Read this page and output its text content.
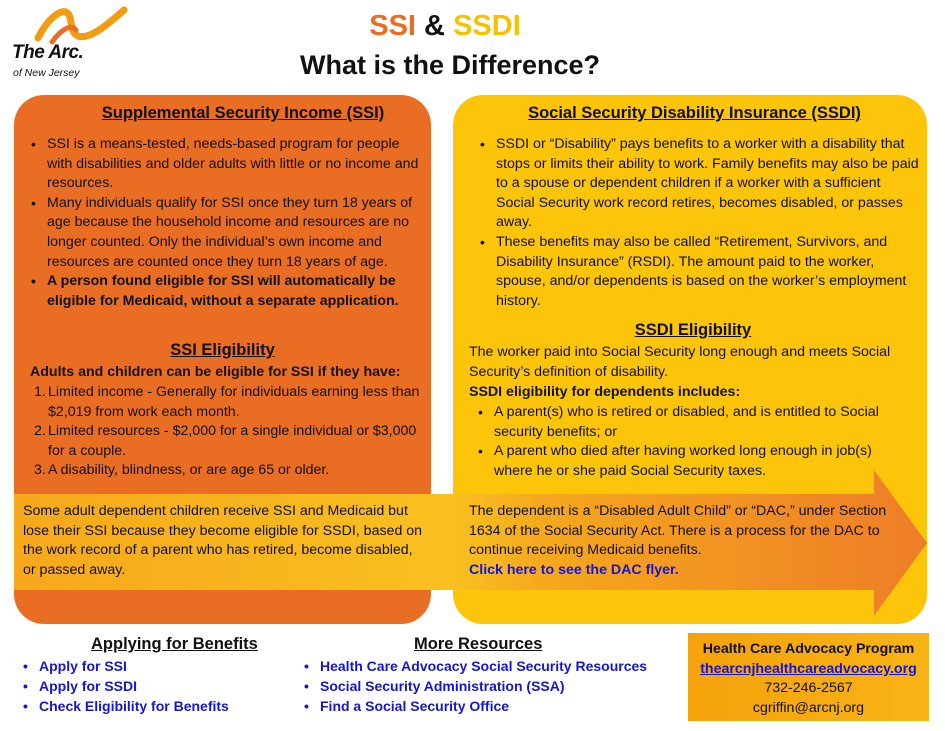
The Arc.
of New Jersey
SSI & SSDI
What is the Difference?
Supplemental Security Income (SSI)
• SSI is a means-tested, needs-based program for people with disabilities and older adults with little or no income and resources.
• Many individuals qualify for SSI once they turn 18 years of age because the household income and resources are no longer counted. Only the individual’s own income and resources are counted once they turn 18 years of age.
• A person found eligible for SSI will automatically be eligible for Medicaid, without a separate application.
SSI Eligibility
Adults and children can be eligible for SSI if they have:
1. Limited income - Generally for individuals earning less than $2,019 from work each month.
2. Limited resources - $2,000 for a single individual or $3,000 for a couple.
3. A disability, blindness, or are age 65 or older.
Social Security Disability Insurance (SSDI)
• SSDI or “Disability” pays benefits to a worker with a disability that stops or limits their ability to work. Family benefits may also be paid to a spouse or dependent children if a worker with a sufficient Social Security work record retires, becomes disabled, or passes away.
• These benefits may also be called “Retirement, Survivors, and Disability Insurance” (RSDI). The amount paid to the worker, spouse, and/or dependents is based on the worker’s employment history.
SSDI Eligibility
The worker paid into Social Security long enough and meets Social Security’s definition of disability.
SSDI eligibility for dependents includes:
• A parent(s) who is retired or disabled, and is entitled to Social security benefits; or
• A parent who died after having worked long enough in job(s) where he or she paid Social Security taxes.
Some adult dependent children receive SSI and Medicaid but lose their SSI because they become eligible for SSDI, based on the work record of a parent who has retired, become disabled, or passed away.
The dependent is a “Disabled Adult Child” or “DAC,” under Section 1634 of the Social Security Act. There is a process for the DAC to continue receiving Medicaid benefits.
Click here to see the DAC flyer.
Applying for Benefits
• Apply for SSI
• Apply for SSDI
• Check Eligibility for Benefits
More Resources
• Health Care Advocacy Social Security Resources
• Social Security Administration (SSA)
• Find a Social Security Office
Health Care Advocacy Program
thearcnjhealthcareadvocacy.org
732-246-2567
cgriffin@arcnj.org
